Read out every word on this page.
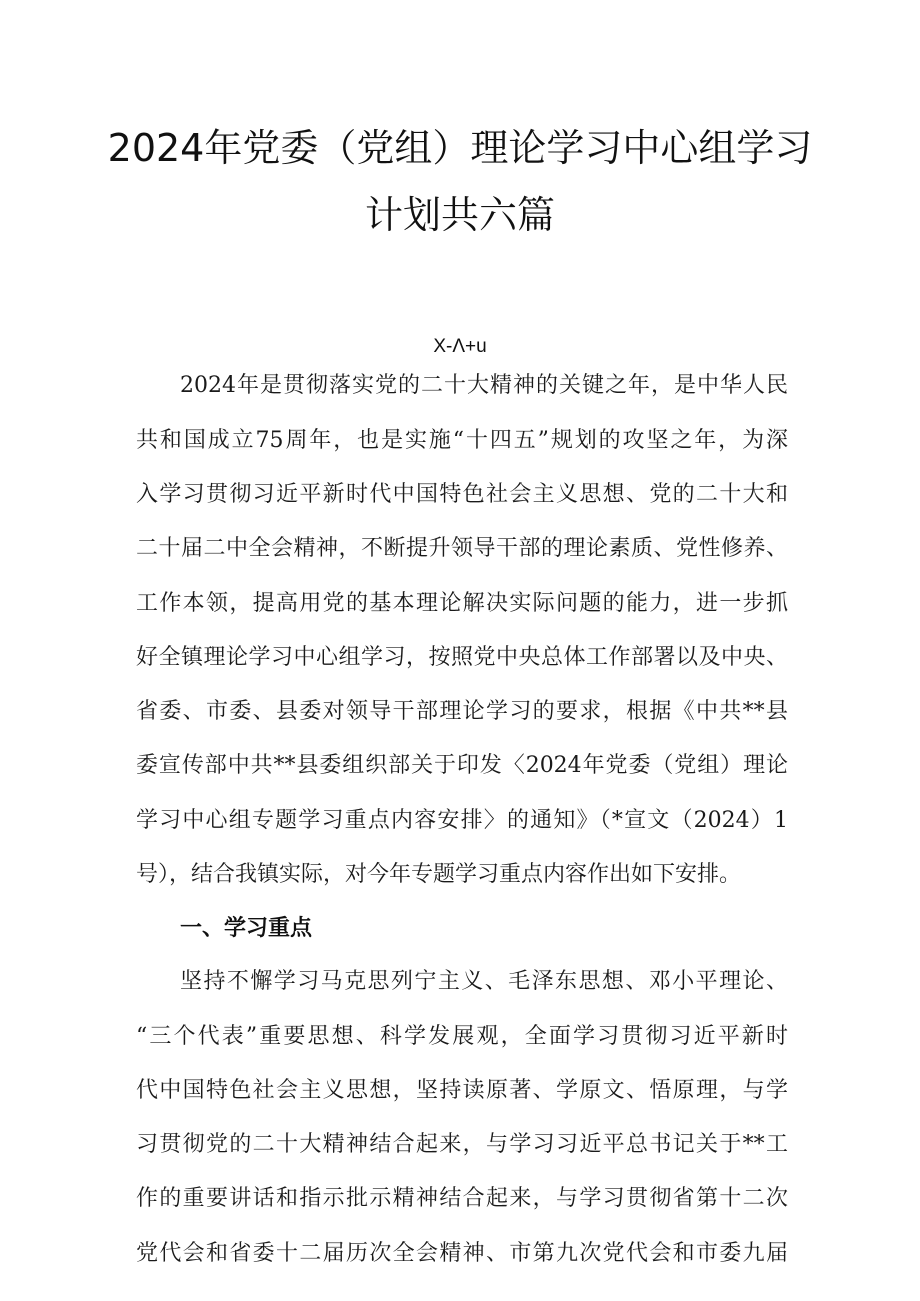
2024年党委（党组）理论学习中心组学习
计划共六篇
X-Λ+u
2024年是贯彻落实党的二十大精神的关键之年，是中华人民
共和国成立75周年，也是实施“十四五”规划的攻坚之年，为深
入学习贯彻习近平新时代中国特色社会主义思想、党的二十大和
二十届二中全会精神，不断提升领导干部的理论素质、党性修养、
工作本领，提高用党的基本理论解决实际问题的能力，进一步抓
好全镇理论学习中心组学习，按照党中央总体工作部署以及中央、
省委、市委、县委对领导干部理论学习的要求，根据《中共**县
委宣传部中共**县委组织部关于印发〈2024年党委（党组）理论
学习中心组专题学习重点内容安排〉的通知》（*宣文（2024）1
号），结合我镇实际，对今年专题学习重点内容作出如下安排。
一、学习重点
坚持不懈学习马克思列宁主义、毛泽东思想、邓小平理论、
“三个代表”重要思想、科学发展观，全面学习贯彻习近平新时
代中国特色社会主义思想，坚持读原著、学原文、悟原理，与学
习贯彻党的二十大精神结合起来，与学习习近平总书记关于**工
作的重要讲话和指示批示精神结合起来，与学习贯彻省第十二次
党代会和省委十二届历次全会精神、市第九次党代会和市委九届
